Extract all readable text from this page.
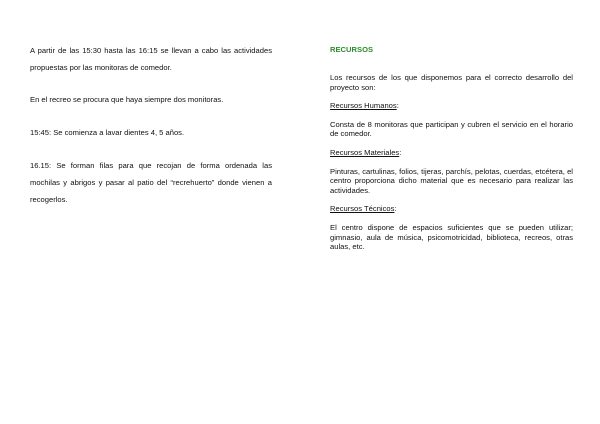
A partir de las 15:30 hasta las 16:15 se llevan a cabo las actividades propuestas por las monitoras de comedor.

En el recreo se procura que haya siempre dos monitoras.

15:45: Se comienza a lavar dientes 4, 5 años.

16.15: Se forman filas para que recojan de forma ordenada las mochilas y abrigos y pasar al patio del “recrehuerto” donde vienen a recogerlos.

RECURSOS

Los recursos de los que disponemos para el correcto desarrollo del proyecto son:

Recursos Humanos:

Consta de 8 monitoras que participan y cubren el servicio en el horario de comedor.

Recursos Materiales:

Pinturas, cartulinas, folios, tijeras, parchís, pelotas, cuerdas, etcétera, el centro proporciona dicho material que es necesario para realizar las actividades.

Recursos Técnicos:

El centro dispone de espacios suficientes que se pueden utilizar; gimnasio, aula de música, psicomotricidad, biblioteca, recreos, otras aulas, etc.
